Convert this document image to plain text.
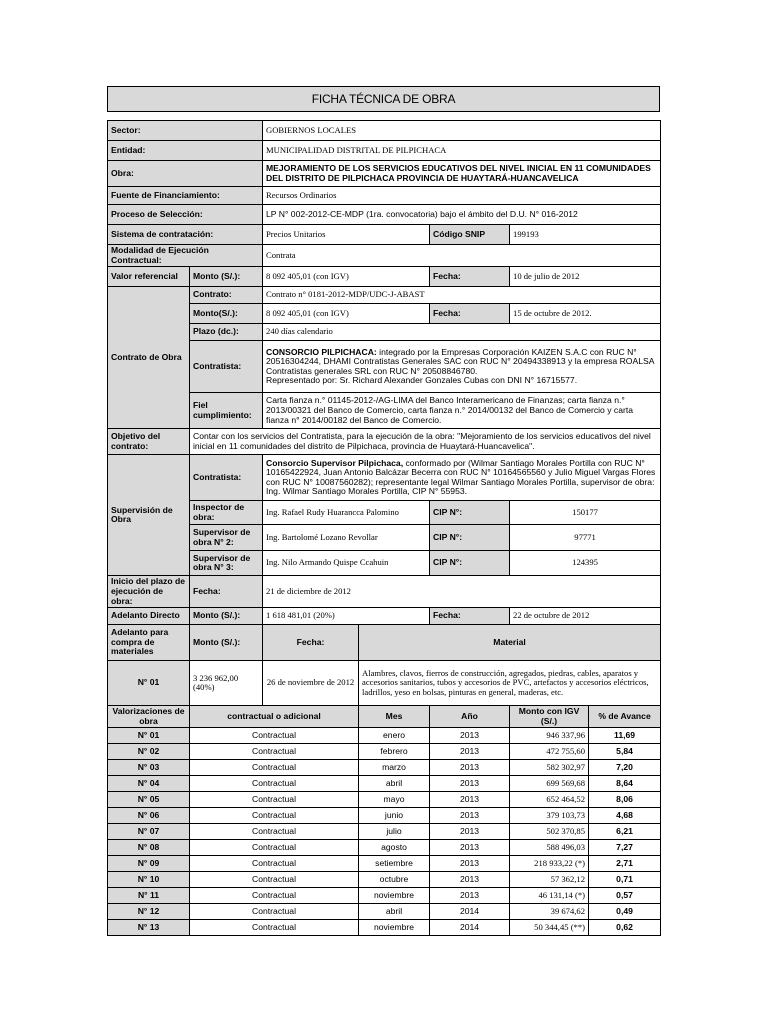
FICHA TÉCNICA DE OBRA
Sector:		GOBIERNOS LOCALES				
Entidad:		MUNICIPALIDAD DISTRITAL DE PILPICHACA				
Obra:		MEJORAMIENTO DE LOS SERVICIOS EDUCATIVOS DEL NIVEL INICIAL EN 11 COMUNIDADES DEL DISTRITO DE PILPICHACA PROVINCIA DE HUAYTARÁ-HUANCAVELICA				
Fuente de Financiamiento:		Recursos Ordinarios				
Proceso de Selección:		LP N° 002-2012-CE-MDP (1ra. convocatoria) bajo el ámbito del D.U. N° 016-2012				
Sistema de contratación:		Precios Unitarios		Código SNIP	199193	
Modalidad de Ejecución Contractual:		Contrata				
Valor referencial	Monto (S/.):	8 092 405,01 (con IGV)		Fecha:	10 de julio de 2012	
Contrato de Obra	Contrato:	Contrato n° 0181-2012-MDP/UDC-J-ABAST				
	Monto(S/.):	8 092 405,01 (con IGV)		Fecha:	15 de octubre de 2012.	
	Plazo (dc.):	240 días calendario				
	Contratista:	CONSORCIO PILPICHACA: integrado por la Empresas Corporación KAIZEN S.A.C con RUC N° 20516304244, DHAMI Contratistas Generales SAC con RUC N° 20494338913 y la empresa ROALSA Contratistas generales SRL con RUC N° 20508846780.
Representado por: Sr. Richard Alexander Gonzales Cubas con DNI N° 16715577.				
	Fiel cumplimiento:	Carta fianza n.° 01145-2012-/AG-LIMA del Banco Interamericano de Finanzas; carta fianza n.° 2013/00321 del Banco de Comercio, carta fianza n.° 2014/00132 del Banco de Comercio y carta fianza n° 2014/00182 del Banco de Comercio.				
Objetivo del contrato:	Contar con los servicios del Contratista, para la ejecución de la obra: "Mejoramiento de los servicios educativos del nivel inicial en 11 comunidades del distrito de Pilpichaca, provincia de Huaytará-Huancavelica".					
Supervisión de Obra	Contratista:	Consorcio Supervisor Pilpichaca, conformado por (Wilmar Santiago Morales Portilla con RUC N° 10165422924, Juan Antonio Balcázar Becerra con RUC N° 10164565560 y Julio Miguel Vargas Flores con RUC N° 10087560282); representante legal Wilmar Santiago Morales Portilla, supervisor de obra: Ing. Wilmar Santiago Morales Portilla, CIP N° 55953.				
	Inspector de obra:	Ing. Rafael Rudy Huarancca Palomino		CIP N°:	150177	
	Supervisor de obra N° 2:	Ing. Bartolomé Lozano Revollar		CIP N°:	97771	
	Supervisor de obra N° 3:	Ing. Nilo Armando Quispe Ccahuin		CIP N°:	124395	
Inicio del plazo de ejecución de obra:	Fecha:	21 de diciembre de 2012				
Adelanto Directo	Monto (S/.):	1 618 481,01 (20%)		Fecha:	22 de octubre de 2012	
Adelanto para compra de materiales	Monto (S/.):	Fecha:	Material			
N° 01	3 236 962,00 (40%)	26 de noviembre de 2012	Alambres, clavos, fierros de construcción, agregados, piedras, cables, aparatos y accesorios sanitarios, tubos y accesorios de PVC, artefactos y accesorios eléctricos, ladrillos, yeso en bolsas, pinturas en general, maderas, etc.			
Valorizaciones de obra	contractual o adicional		Mes	Año	Monto con IGV (S/.)	% de Avance
N° 01	Contractual		enero	2013	946 337,96	11,69
N° 02	Contractual		febrero	2013	472 755,60	5,84
N° 03	Contractual		marzo	2013	582 302,97	7,20
N° 04	Contractual		abril	2013	699 569,68	8,64
N° 05	Contractual		mayo	2013	652 464,52	8,06
N° 06	Contractual		junio	2013	379 103,73	4,68
N° 07	Contractual		julio	2013	502 370,85	6,21
N° 08	Contractual		agosto	2013	588 496,03	7,27
N° 09	Contractual		setiembre	2013	218 933,22 (*)	2,71
N° 10	Contractual		octubre	2013	57 362,12	0,71
N° 11	Contractual		noviembre	2013	46 131,14 (*)	0,57
N° 12	Contractual		abril	2014	39 674,62	0,49
N° 13	Contractual		noviembre	2014	50 344,45 (**)	0,62
